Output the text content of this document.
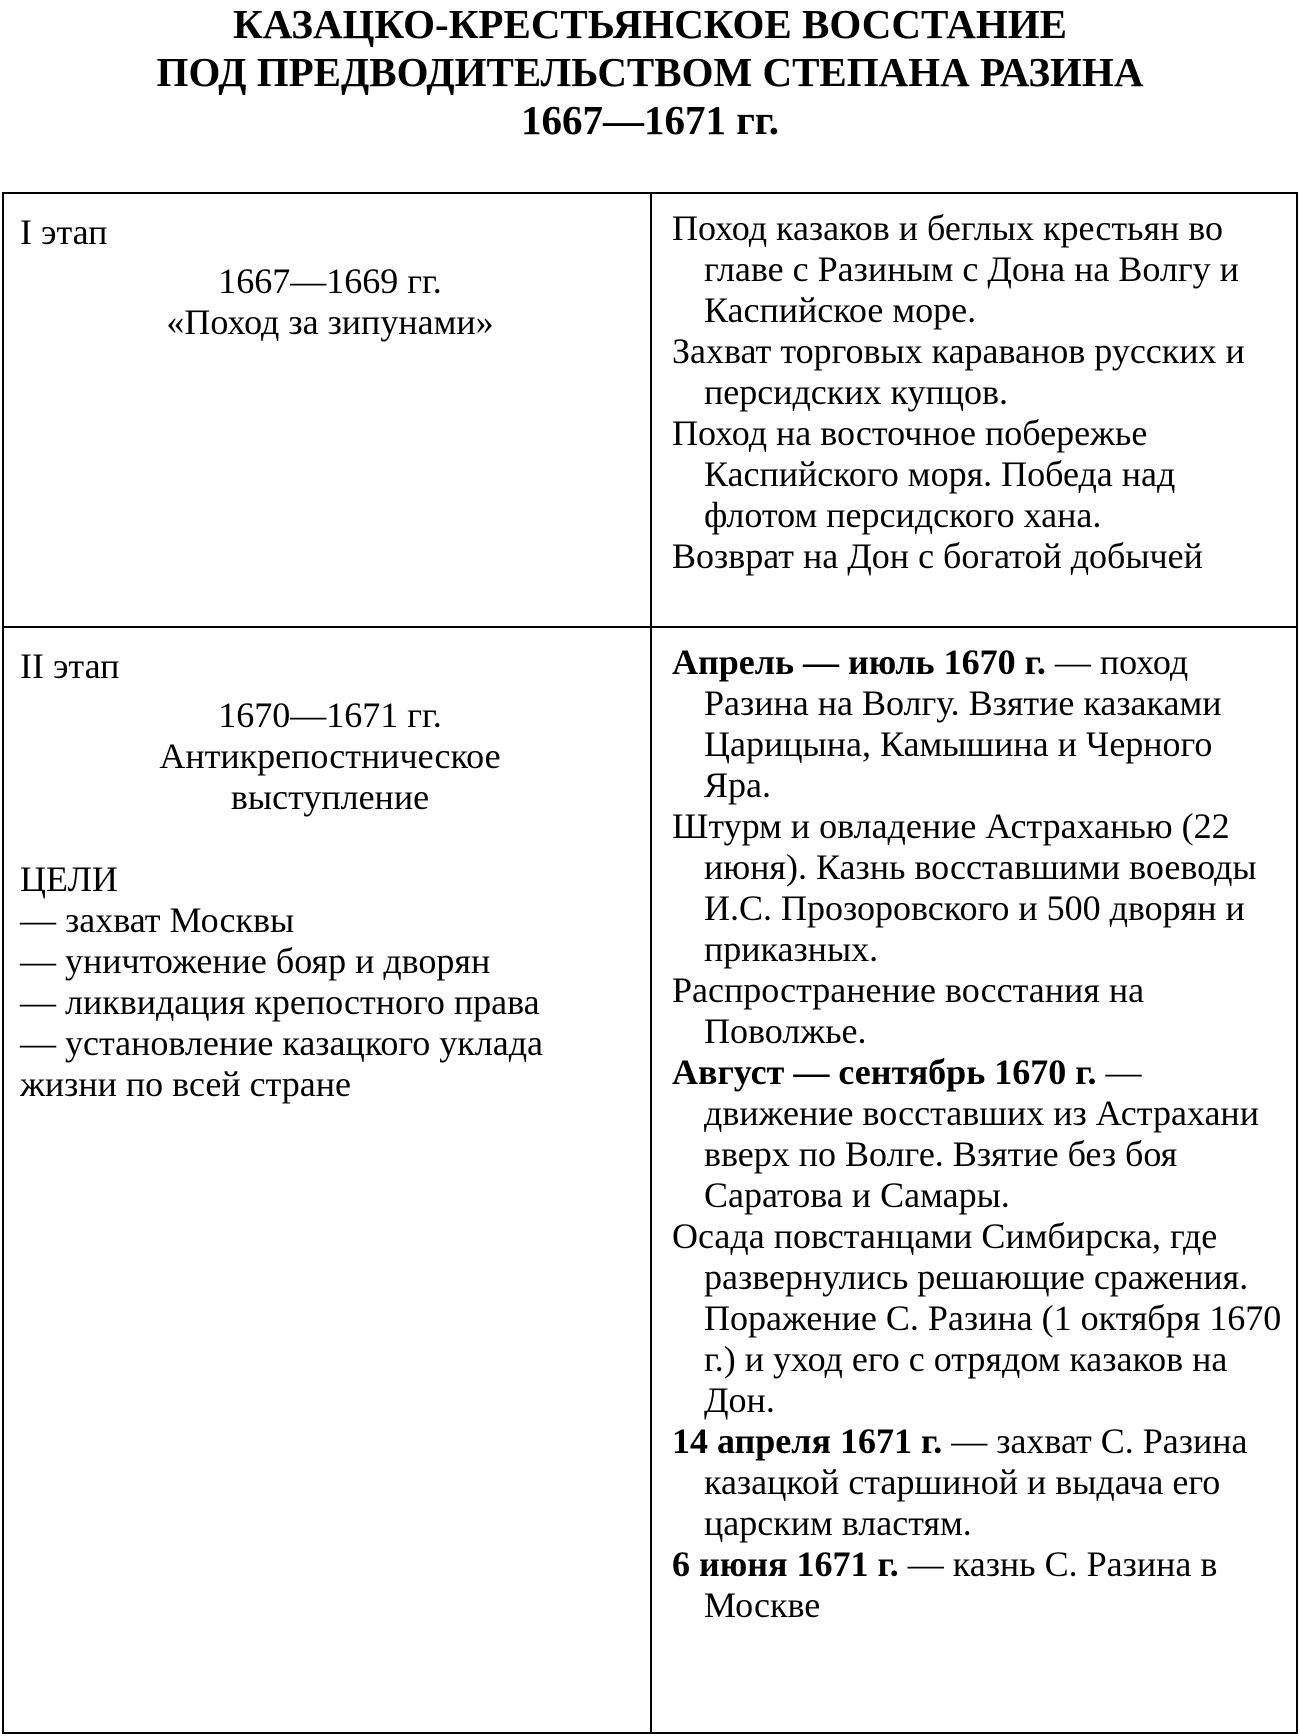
КАЗАЦКО-КРЕСТЬЯНСКОЕ ВОССТАНИЕ
ПОД ПРЕДВОДИТЕЛЬСТВОМ СТЕПАНА РАЗИНА
1667—1671 гг.
I этап
1667—1669 гг.
«Поход за зипунами»
Поход казаков и беглых крестьян во главе с Разиным с Дона на Волгу и Каспийское море.
Захват торговых караванов русских и персидских купцов.
Поход на восточное побережье Каспийского моря. Победа над флотом персидского хана.
Возврат на Дон с богатой добычей
II этап
1670—1671 гг.
Антикрепостническое
выступление
ЦЕЛИ
— захват Москвы
— уничтожение бояр и дворян
— ликвидация крепостного права
— установление казацкого уклада
жизни по всей стране
Апрель — июль 1670 г. — поход Разина на Волгу. Взятие казаками Царицына, Камышина и Черного Яра.
Штурм и овладение Астраханью (22 июня). Казнь восставшими воеводы И.С. Прозоровского и 500 дворян и приказных.
Распространение восстания на Поволжье.
Август — сентябрь 1670 г. — движение восставших из Астрахани вверх по Волге. Взятие без боя Саратова и Самары.
Осада повстанцами Симбирска, где развернулись решающие сражения. Поражение С. Разина (1 октября 1670 г.) и уход его с отрядом казаков на Дон.
14 апреля 1671 г. — захват С. Разина казацкой старшиной и выдача его царским властям.
6 июня 1671 г. — казнь С. Разина в Москве
